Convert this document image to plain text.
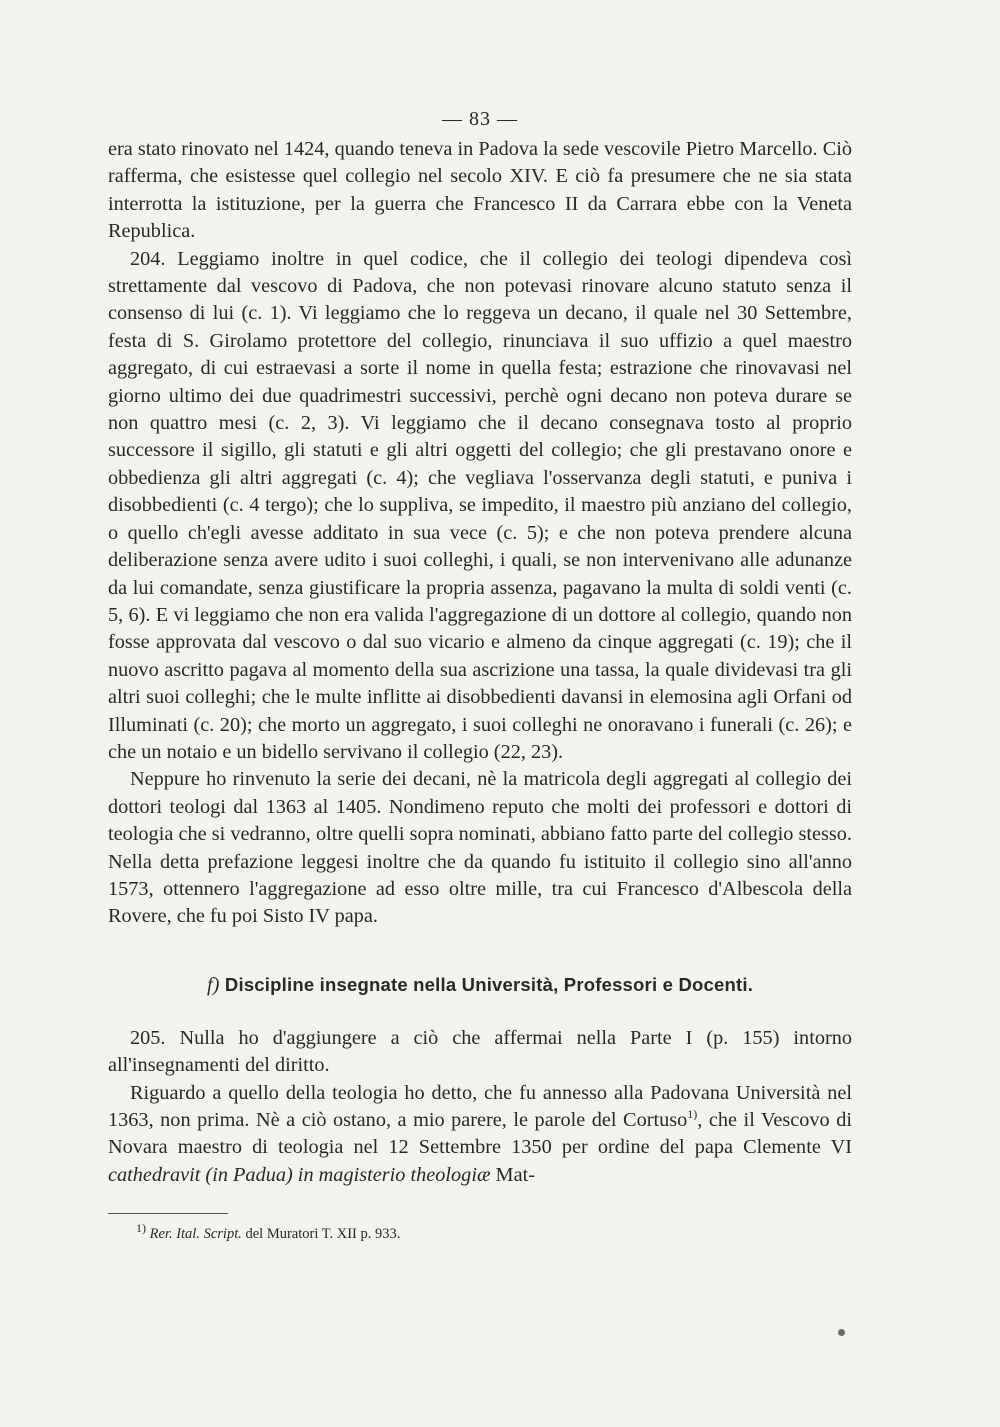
— 83 —

era stato rinovato nel 1424, quando teneva in Padova la sede vescovile Pietro Marcello. Ciò rafferma, che esistesse quel collegio nel secolo XIV. E ciò fa presumere che ne sia stata interrotta la istituzione, per la guerra che Francesco II da Carrara ebbe con la Veneta Republica.

204. Leggiamo inoltre in quel codice, che il collegio dei teologi dipendeva così strettamente dal vescovo di Padova, che non potevasi rinovare alcuno statuto senza il consenso di lui (c. 1). Vi leggiamo che lo reggeva un decano, il quale nel 30 Settembre, festa di S. Girolamo protettore del collegio, rinunciava il suo uffizio a quel maestro aggregato, di cui estraevasi a sorte il nome in quella festa; estrazione che rinovavasi nel giorno ultimo dei due quadrimestri successivi, perchè ogni decano non poteva durare se non quattro mesi (c. 2, 3). Vi leggiamo che il decano consegnava tosto al proprio successore il sigillo, gli statuti e gli altri oggetti del collegio; che gli prestavano onore e obbedienza gli altri aggregati (c. 4); che vegliava l'osservanza degli statuti, e puniva i disobbedienti (c. 4 tergo); che lo suppliva, se impedito, il maestro più anziano del collegio, o quello ch'egli avesse additato in sua vece (c. 5); e che non poteva prendere alcuna deliberazione senza avere udito i suoi colleghi, i quali, se non intervenivano alle adunanze da lui comandate, senza giustificare la propria assenza, pagavano la multa di soldi venti (c. 5, 6). E vi leggiamo che non era valida l'aggregazione di un dottore al collegio, quando non fosse approvata dal vescovo o dal suo vicario e almeno da cinque aggregati (c. 19); che il nuovo ascritto pagava al momento della sua ascrizione una tassa, la quale dividevasi tra gli altri suoi colleghi; che le multe inflitte ai disobbedienti davansi in elemosina agli Orfani od Illuminati (c. 20); che morto un aggregato, i suoi colleghi ne onoravano i funerali (c. 26); e che un notaio e un bidello servivano il collegio (22, 23).

Neppure ho rinvenuto la serie dei decani, nè la matricola degli aggregati al collegio dei dottori teologi dal 1363 al 1405. Nondimeno reputo che molti dei professori e dottori di teologia che si vedranno, oltre quelli sopra nominati, abbiano fatto parte del collegio stesso. Nella detta prefazione leggesi inoltre che da quando fu istituito il collegio sino all'anno 1573, ottennero l'aggregazione ad esso oltre mille, tra cui Francesco d'Albescola della Rovere, che fu poi Sisto IV papa.

f) Discipline insegnate nella Università, Professori e Docenti.

205. Nulla ho d'aggiungere a ciò che affermai nella Parte I (p. 155) intorno all'insegnamenti del diritto.

Riguardo a quello della teologia ho detto, che fu annesso alla Padovana Università nel 1363, non prima. Nè a ciò ostano, a mio parere, le parole del Cortuso$^{1)}$, che il Vescovo di Novara maestro di teologia nel 12 Settembre 1350 per ordine del papa Clemente VI cathedravit (in Padua) in magisterio theologiæ Mat-

$^{1)}$ Rer. Ital. Script. del Muratori T. XII p. 933.
